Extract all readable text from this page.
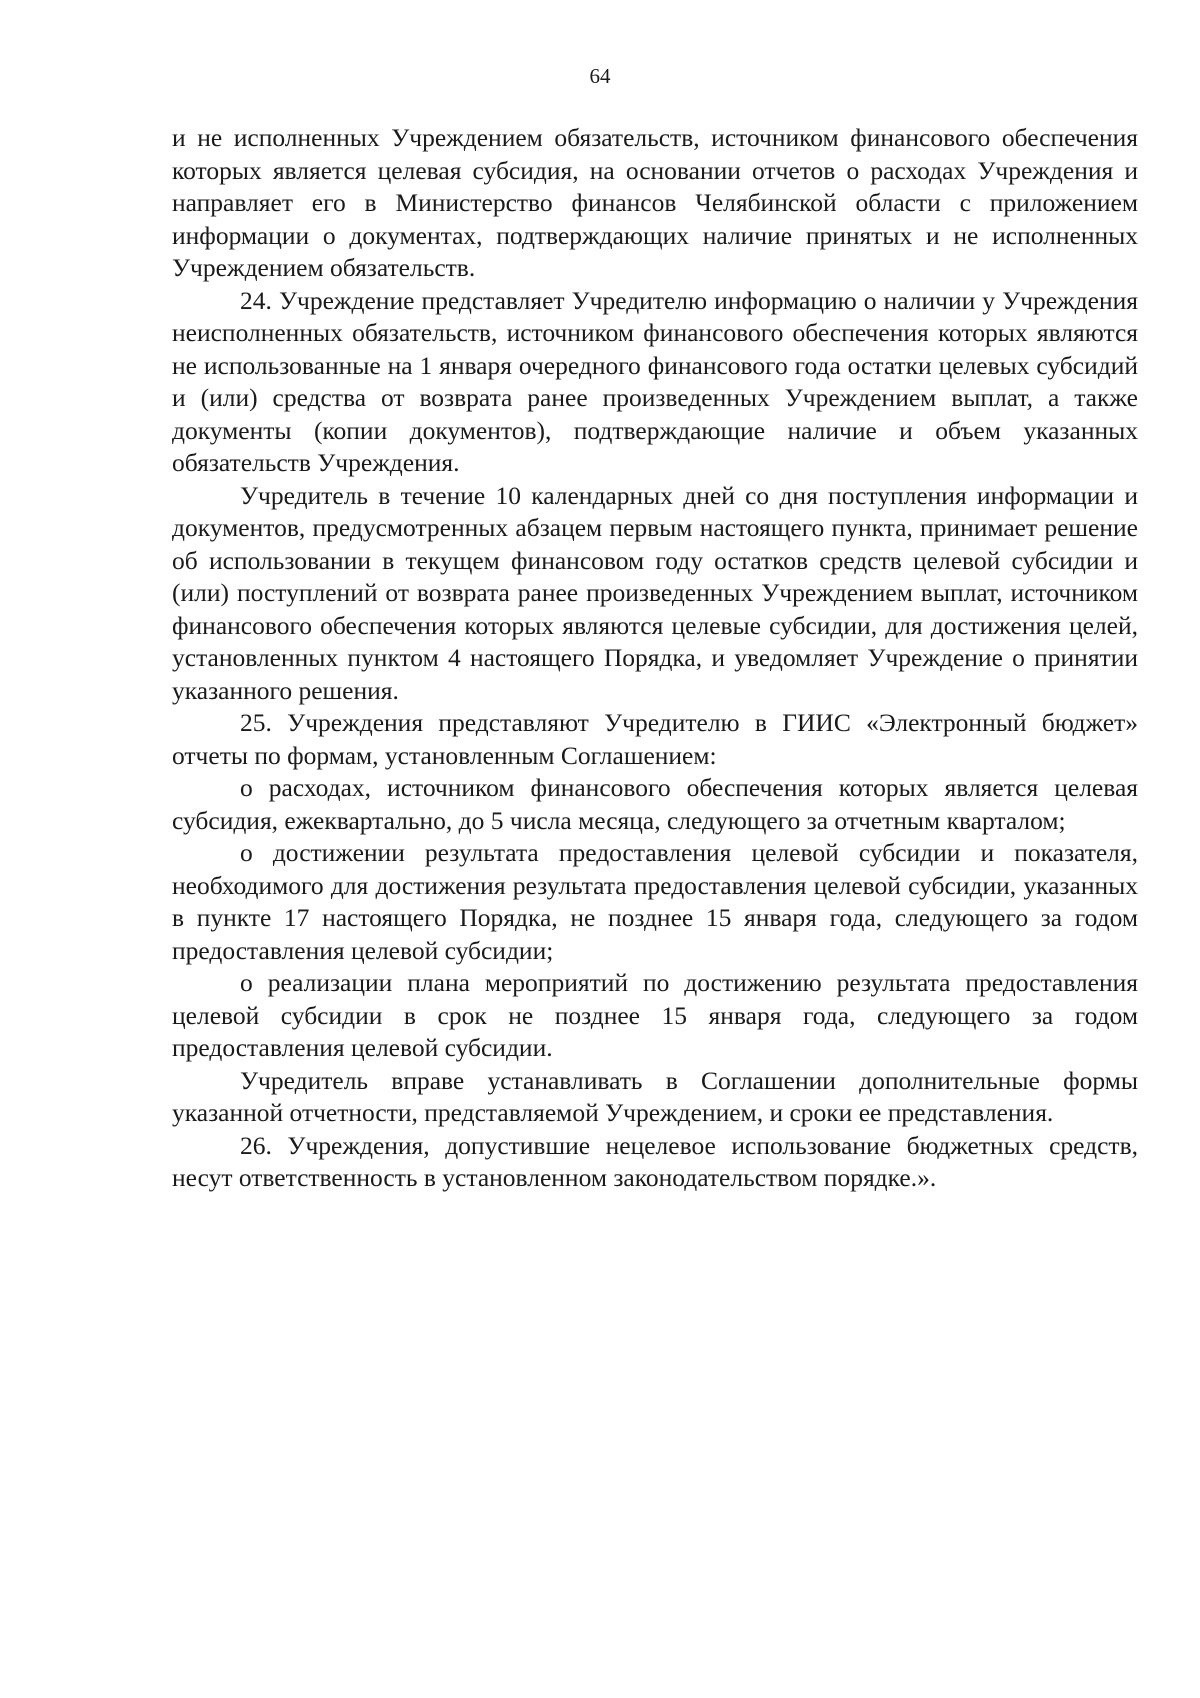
64

и не исполненных Учреждением обязательств, источником финансового обеспечения которых является целевая субсидия, на основании отчетов о расходах Учреждения и направляет его в Министерство финансов Челябинской области с приложением информации о документах, подтверждающих наличие принятых и не исполненных Учреждением обязательств.

24. Учреждение представляет Учредителю информацию о наличии у Учреждения неисполненных обязательств, источником финансового обеспечения которых являются не использованные на 1 января очередного финансового года остатки целевых субсидий и (или) средства от возврата ранее произведенных Учреждением выплат, а также документы (копии документов), подтверждающие наличие и объем указанных обязательств Учреждения.

Учредитель в течение 10 календарных дней со дня поступления информации и документов, предусмотренных абзацем первым настоящего пункта, принимает решение об использовании в текущем финансовом году остатков средств целевой субсидии и (или) поступлений от возврата ранее произведенных Учреждением выплат, источником финансового обеспечения которых являются целевые субсидии, для достижения целей, установленных пунктом 4 настоящего Порядка, и уведомляет Учреждение о принятии указанного решения.

25. Учреждения представляют Учредителю в ГИИС «Электронный бюджет» отчеты по формам, установленным Соглашением:

о расходах, источником финансового обеспечения которых является целевая субсидия, ежеквартально, до 5 числа месяца, следующего за отчетным кварталом;

о достижении результата предоставления целевой субсидии и показателя, необходимого для достижения результата предоставления целевой субсидии, указанных в пункте 17 настоящего Порядка, не позднее 15 января года, следующего за годом предоставления целевой субсидии;

о реализации плана мероприятий по достижению результата предоставления целевой субсидии в срок не позднее 15 января года, следующего за годом предоставления целевой субсидии.

Учредитель вправе устанавливать в Соглашении дополнительные формы указанной отчетности, представляемой Учреждением, и сроки ее представления.

26. Учреждения, допустившие нецелевое использование бюджетных средств, несут ответственность в установленном законодательством порядке.».
